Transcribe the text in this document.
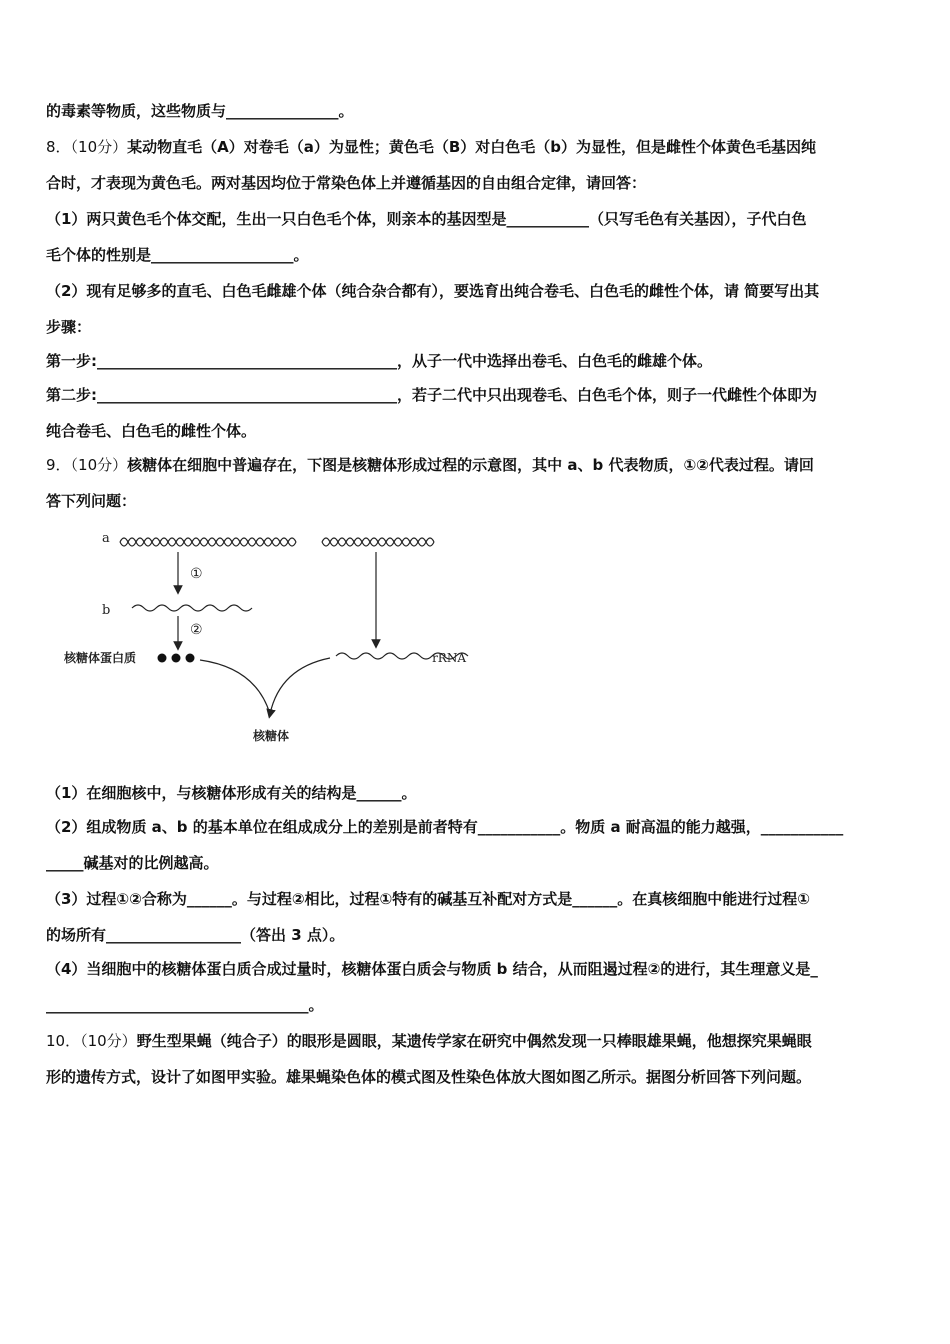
的毒素等物质，这些物质与_______________。
8．（10分）某动物直毛（A）对卷毛（a）为显性；黄色毛（B）对白色毛（b）为显性，但是雌性个体黄色毛基因纯
合时，才表现为黄色毛。两对基因均位于常染色体上并遵循基因的自由组合定律，请回答：
（1）两只黄色毛个体交配，生出一只白色毛个体，则亲本的基因型是___________（只写毛色有关基因），子代白色
毛个体的性别是___________________。
（2）现有足够多的直毛、白色毛雌雄个体（纯合杂合都有），要选育出纯合卷毛、白色毛的雌性个体，请 简要写出其
步骤：
第一步:________________________________________，从子一代中选择出卷毛、白色毛的雌雄个体。
第二步:________________________________________，若子二代中只出现卷毛、白色毛个体，则子一代雌性个体即为
纯合卷毛、白色毛的雌性个体。
9．（10分）核糖体在细胞中普遍存在，下图是核糖体形成过程的示意图，其中 a、b 代表物质，①②代表过程。请回
答下列问题：
a
①
b
②
核糖体蛋白质	rRNA
核糖体
（1）在细胞核中，与核糖体形成有关的结构是______。
（2）组成物质 a、b 的基本单位在组成成分上的差别是前者特有___________。物质 a 耐高温的能力越强，___________
_____碱基对的比例越高。
（3）过程①②合称为______。与过程②相比，过程①特有的碱基互补配对方式是______。在真核细胞中能进行过程①
的场所有__________________（答出 3 点）。
（4）当细胞中的核糖体蛋白质合成过量时，核糖体蛋白质会与物质 b 结合，从而阻遏过程②的进行，其生理意义是_
___________________________________。
10．（10分）野生型果蝇（纯合子）的眼形是圆眼，某遗传学家在研究中偶然发现一只棒眼雄果蝇，他想探究果蝇眼
形的遗传方式，设计了如图甲实验。雄果蝇染色体的模式图及性染色体放大图如图乙所示。据图分析回答下列问题。
